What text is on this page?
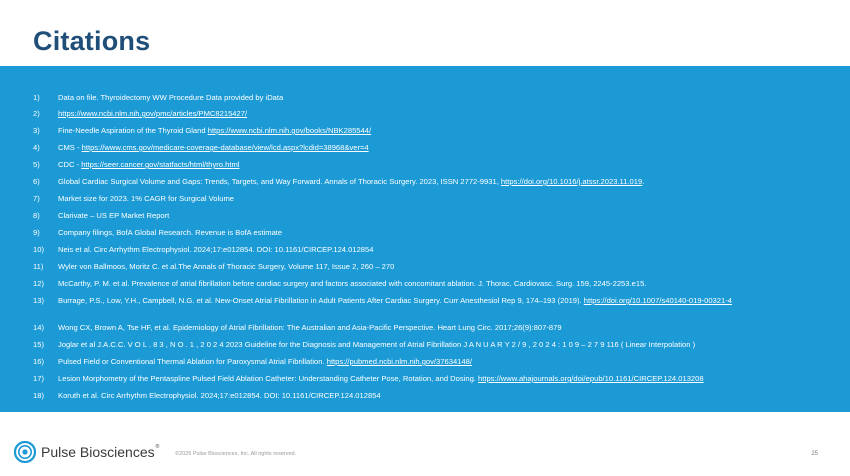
Citations
1)	Data on file. Thyroidectomy WW Procedure Data provided by iData
2)	https://www.ncbi.nlm.nih.gov/pmc/articles/PMC8215427/
3)	Fine-Needle Aspiration of the Thyroid Gland https://www.ncbi.nlm.nih.gov/books/NBK285544/
4)	CMS - https://www.cms.gov/medicare-coverage-database/view/lcd.aspx?lcdid=38968&ver=4
5)	CDC - https://seer.cancer.gov/statfacts/html/thyro.html
6)	Global Cardiac Surgical Volume and Gaps: Trends, Targets, and Way Forward. Annals of Thoracic Surgery. 2023, ISSN 2772-9931, https://doi.org/10.1016/j.atssr.2023.11.019.
7)	Market size for 2023. 1% CAGR for Surgical Volume
8)	Clarivate – US EP Market Report
9)	Company filings, BofA Global Research. Revenue is BofA estimate
10)	Neis et al. Circ Arrhythm Electrophysiol. 2024;17:e012854. DOI: 10.1161/CIRCEP.124.012854
11)	Wyler von Ballmoos, Moritz C. et al.The Annals of Thoracic Surgery, Volume 117, Issue 2, 260 – 270
12)	McCarthy, P. M. et al. Prevalence of atrial fibrillation before cardiac surgery and factors associated with concomitant ablation. J. Thorac. Cardiovasc. Surg. 159, 2245-2253.e15.
13)	Burrage, P.S., Low, Y.H., Campbell, N.G. et al. New-Onset Atrial Fibrillation in Adult Patients After Cardiac Surgery. Curr Anesthesiol Rep 9, 174–193 (2019). https://doi.org/10.1007/s40140-019-00321-4
14)	Wong CX, Brown A, Tse HF, et al. Epidemiology of Atrial Fibrillation: The Australian and Asia-Pacific Perspective. Heart Lung Circ. 2017;26(9):807-879
15)	Joglar et al J.A.C.C. V O L . 8 3 , N O . 1 , 2 0 2 4 2023 Guideline for the Diagnosis and Management of Atrial Fibrillation J A N U A R Y 2 / 9 , 2 0 2 4 : 1 0 9 – 2 7 9 116 ( Linear Interpolation )
16)	Pulsed Field or Conventional Thermal Ablation for Paroxysmal Atrial Fibrillation. https://pubmed.ncbi.nlm.nih.gov/37634148/
17)	Lesion Morphometry of the Pentaspline Pulsed Field Ablation Catheter: Understanding Catheter Pose, Rotation, and Dosing. https://www.ahajournals.org/doi/epub/10.1161/CIRCEP.124.013208
18)	Koruth et al. Circ Arrhythm Electrophysiol. 2024;17:e012854. DOI: 10.1161/CIRCEP.124.012854
Pulse Biosciences®
©2025 Pulse Biosciences, Inc. All rights reserved.	25
